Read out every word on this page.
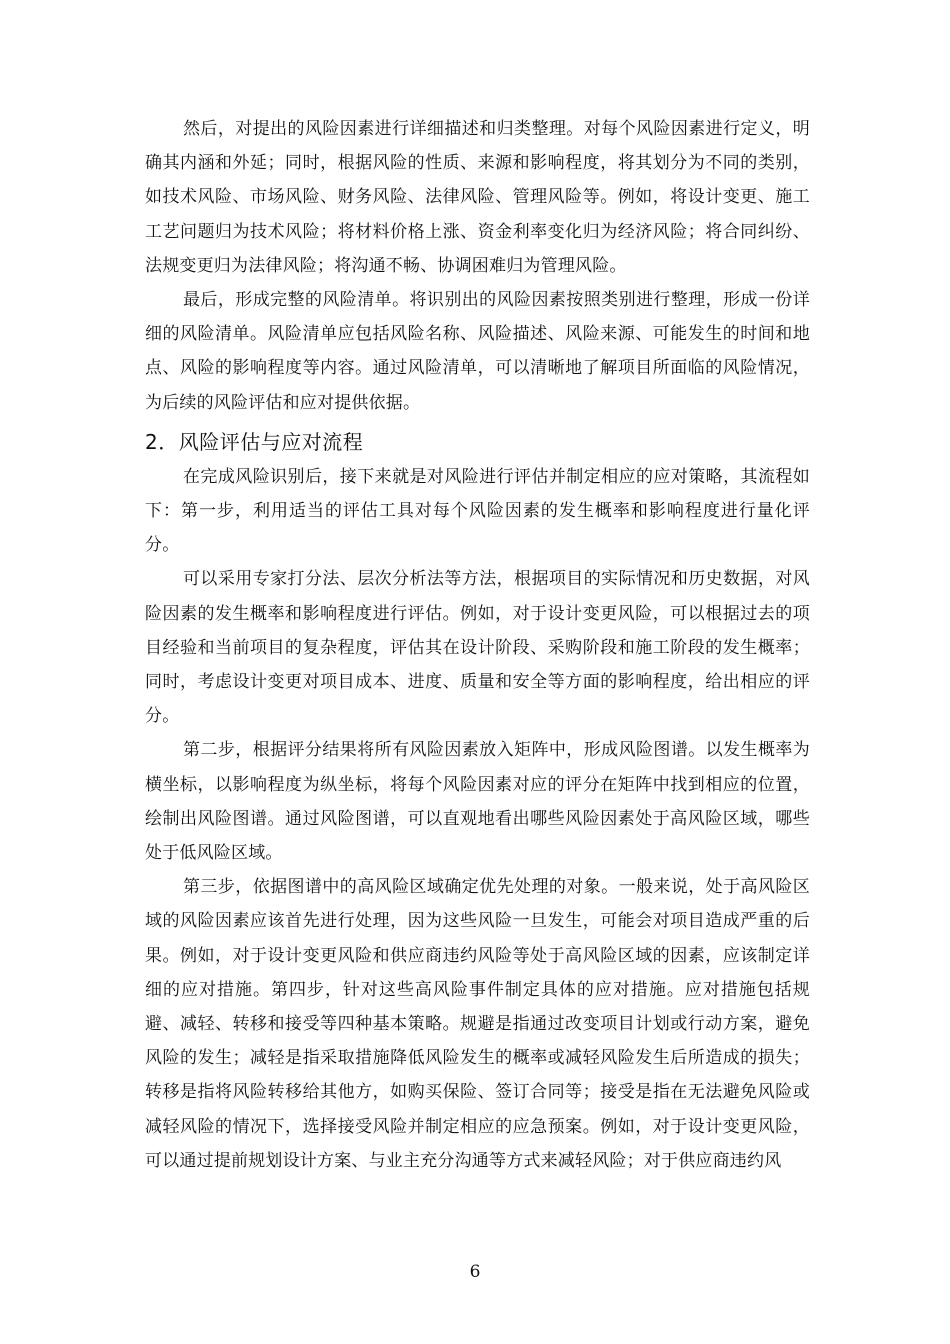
然后，对提出的风险因素进行详细描述和归类整理。对每个风险因素进行定义，明确其内涵和外延；同时，根据风险的性质、来源和影响程度，将其划分为不同的类别，如技术风险、市场风险、财务风险、法律风险、管理风险等。例如，将设计变更、施工工艺问题归为技术风险；将材料价格上涨、资金利率变化归为经济风险；将合同纠纷、法规变更归为法律风险；将沟通不畅、协调困难归为管理风险。

最后，形成完整的风险清单。将识别出的风险因素按照类别进行整理，形成一份详细的风险清单。风险清单应包括风险名称、风险描述、风险来源、可能发生的时间和地点、风险的影响程度等内容。通过风险清单，可以清晰地了解项目所面临的风险情况，为后续的风险评估和应对提供依据。

2．风险评估与应对流程

在完成风险识别后，接下来就是对风险进行评估并制定相应的应对策略，其流程如下：第一步，利用适当的评估工具对每个风险因素的发生概率和影响程度进行量化评分。

可以采用专家打分法、层次分析法等方法，根据项目的实际情况和历史数据，对风险因素的发生概率和影响程度进行评估。例如，对于设计变更风险，可以根据过去的项目经验和当前项目的复杂程度，评估其在设计阶段、采购阶段和施工阶段的发生概率；同时，考虑设计变更对项目成本、进度、质量和安全等方面的影响程度，给出相应的评分。

第二步，根据评分结果将所有风险因素放入矩阵中，形成风险图谱。以发生概率为横坐标，以影响程度为纵坐标，将每个风险因素对应的评分在矩阵中找到相应的位置，绘制出风险图谱。通过风险图谱，可以直观地看出哪些风险因素处于高风险区域，哪些处于低风险区域。

第三步，依据图谱中的高风险区域确定优先处理的对象。一般来说，处于高风险区域的风险因素应该首先进行处理，因为这些风险一旦发生，可能会对项目造成严重的后果。例如，对于设计变更风险和供应商违约风险等处于高风险区域的因素，应该制定详细的应对措施。第四步，针对这些高风险事件制定具体的应对措施。应对措施包括规避、减轻、转移和接受等四种基本策略。规避是指通过改变项目计划或行动方案，避免风险的发生；减轻是指采取措施降低风险发生的概率或减轻风险发生后所造成的损失；转移是指将风险转移给其他方，如购买保险、签订合同等；接受是指在无法避免风险或减轻风险的情况下，选择接受风险并制定相应的应急预案。例如，对于设计变更风险，可以通过提前规划设计方案、与业主充分沟通等方式来减轻风险；对于供应商违约风

6
